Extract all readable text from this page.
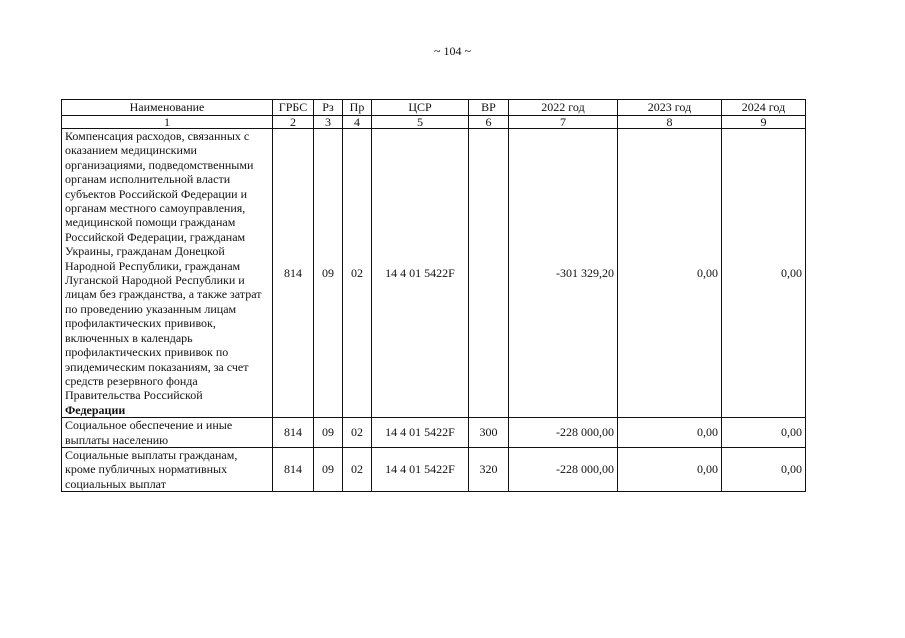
~ 104 ~
Наименование	ГРБС	Рз	Пр	ЦСР	ВР	2022 год	2023 год	2024 год
1	2	3	4	5	6	7	8	9
Компенсация расходов, связанных с оказанием медицинскими организациями, подведомственными органам исполнительной власти субъектов Российской Федерации и органам местного самоуправления, медицинской помощи гражданам Российской Федерации, гражданам Украины, гражданам Донецкой Народной Республики, гражданам Луганской Народной Республики и лицам без гражданства, а также затрат по проведению указанным лицам профилактических прививок, включенных в календарь профилактических прививок по эпидемическим показаниям, за счет средств резервного фонда Правительства Российской
Федерации	814	09	02	14 4 01 5422F		-301 329,20	0,00	0,00
Социальное обеспечение и иные выплаты населению	814	09	02	14 4 01 5422F	300	-228 000,00	0,00	0,00
Социальные выплаты гражданам, кроме публичных нормативных социальных выплат	814	09	02	14 4 01 5422F	320	-228 000,00	0,00	0,00
